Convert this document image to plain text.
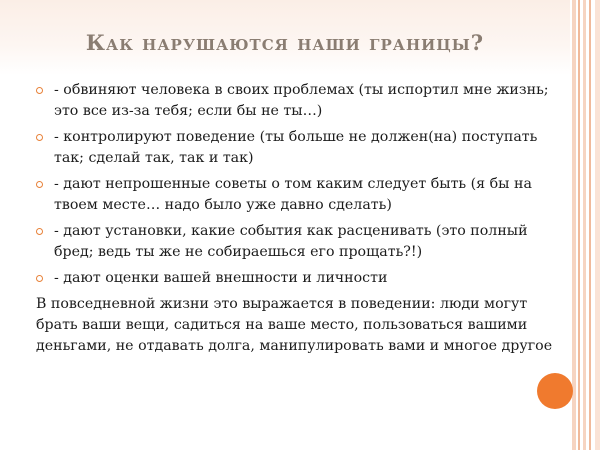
Как нарушаются наши границы?
- обвиняют человека в своих проблемах (ты испортил мне жизнь; это все из-за тебя; если бы не ты…)
- контролируют поведение (ты больше не должен(на) поступать так; сделай так, так и так)
- дают непрошенные советы о том каким следует быть (я бы на твоем месте… надо было уже давно сделать)
- дают установки, какие события как расценивать (это полный бред; ведь ты же не собираешься его прощать?!)
- дают оценки вашей внешности и личности
В повседневной жизни это выражается в поведении: люди могут брать ваши вещи, садиться на ваше место, пользоваться вашими деньгами, не отдавать долга, манипулировать вами и многое другое
